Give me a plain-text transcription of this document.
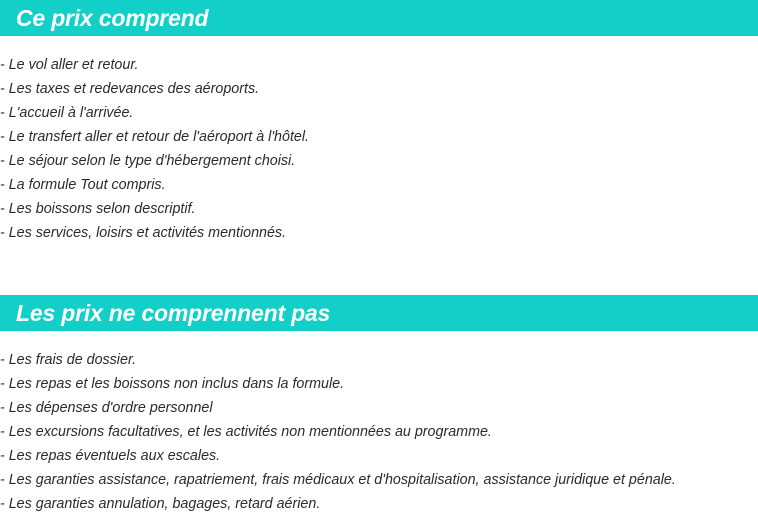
Ce prix comprend
- Le vol aller et retour.
- Les taxes et redevances des aéroports.
- L'accueil à l'arrivée.
- Le transfert aller et retour de l'aéroport à l'hôtel.
- Le séjour selon le type d'hébergement choisi.
- La formule Tout compris.
- Les boissons selon descriptif.
- Les services, loisirs et activités mentionnés.
Les prix ne comprennent pas
- Les frais de dossier.
- Les repas et les boissons non inclus dans la formule.
- Les dépenses d'ordre personnel
- Les excursions facultatives, et les activités non mentionnées au programme.
- Les repas éventuels aux escales.
- Les garanties assistance, rapatriement, frais médicaux et d'hospitalisation, assistance juridique et pénale.
- Les garanties annulation, bagages, retard aérien.
